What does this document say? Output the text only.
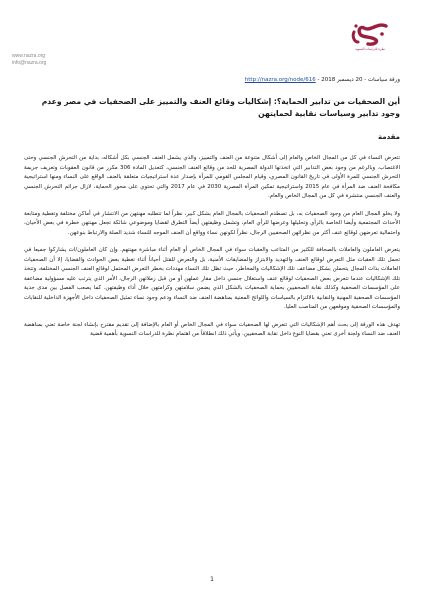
نظرة للدراسات النسوية
www.nazra.org
info@nazra.org
ورقة سياسات - 20 ديسمبر 2018 - http://nazra.org/node/616
أين الصحفيات من تدابير الحماية؟: إشكاليات وقائع العنف والتمييز على الصحفيات في مصر وعدم وجود تدابير وسياسات نقابية لحمايتهن
مقدمة

تتعرض النساء في كل من المجال الخاص والعام إلى أشكال متنوعة من العنف والتمييز، والذي يشمل العنف الجنسي بكل أشكاله، بداية من التحرش الجنسي وحتى الاغتصاب. وبالرغم من وجود بعض التدابير التي اتخذتها الدولة المصرية للحد من وقائع العنف الجنسي، كتعديل المادة 306 مكرر من قانون العقوبات وتعريف جريمة التحرش الجنسي للمرة الأولى في تاريخ القانون المصري، وقيام المجلس القومي للمرأة بإصدار عدة استراتيجيات متعلقة بالعنف الواقع على النساء ومنها استراتيجية مكافحة العنف ضد المرأة في عام 2015 واستراتيجية تمكين المرأة المصرية 2030 في عام 2017 والتي تحتوي على محور الحماية، لازال جرائم التحرش الجنسي والعنف الجنسي منتشرة في كل من المجال الخاص والعام.

ولا يخلو المجال العام من وجود الصحفيات به، بل تصطدم الصحفيات بالمجال العام بشكل كبير، نظراً لما تتطلبه مهنتهن من الانتشار في أماكن مختلفة وتغطية ومتابعة الأحداث المجتمعية وأيضا الخاصة بالرأي وتحليلها وعرضها للرأي العام، وتشمل وظيفتهن أيضاً التطرق لقضايا وموضوعي شائكة تجعل مهنتهن خطرة في بعض الأحيان، واحتمالية تعرضهن لوقائع عنف أكثر من نظرائهن الصحفيين الرجال، نظراً لكونهن نساء وواقع أن العنف الموجه للنساء شديد الصلة والارتباط بنوعهن.

يتعرض العاملون والعاملات بالصحافة للكثير من المتاعب والعقبات سواء في المجال الخاص أو العام أثناء مباشرة مهنتهم. وإن كان العاملون/ات يشاركوا جميعا في تحمل تلك العقبات مثل التعرض لوقائع العنف والتهديد والابتزاز والمضايقات الأمنية، بل والتعرض للقتل أحياناً أثناء تغطية بعض الحوادث والقضايا، إلا أن الصحفيات العاملات بذات المجال يتحملن بشكل مضاعف تلك الإشكاليات والمخاطر، حيث تظل تلك النساء مهددات بخطر التعرض المحتمل لوقائع العنف الجنسي المختلفة، وتتخذ تلك الإشكاليات عندما تتعرض بعض الصحفيات لوقائع عنف واستغلال جنسي داخل مقار عملهن أو من قبل زملائهن الرجال، الأمر الذي يترتب عليه مسؤولية مضاعفة على المؤسسات الصحفية وكذلك نقابة الصحفيين بحماية الصحفيات بالشكل الذي يضمن سلامتهن وكرامتهن خلال أداء وظيفتهن. كما يصعب الفصل بين مدى جدية المؤسسات الصحفية المهنية والنقابية بالالتزام بالسياسات واللوائح المعنية بمناهضة العنف ضد النساء ودعم وجود نساء تمثيل الصحفيات داخل الأجهزة الداخلية للنقابات والمؤسسات الصحفية وموقعهن من المناصب العليا.

تهدف هذه الورقة إلى بحث أهم الإشكاليات التي تتعرض لها الصحفيات سواء في المجال الخاص أو العام بالإضافة إلى تقديم مقترح بإنشاء لجنة خاصة تعني بمناهضة العنف ضد النساء ولجنة أخرى تعني بقضايا النوع داخل نقابة الصحفيين. ويأتي ذلك انطلاقاً من اهتمام نظرة للدراسات النسوية بأهمية قضية

1
